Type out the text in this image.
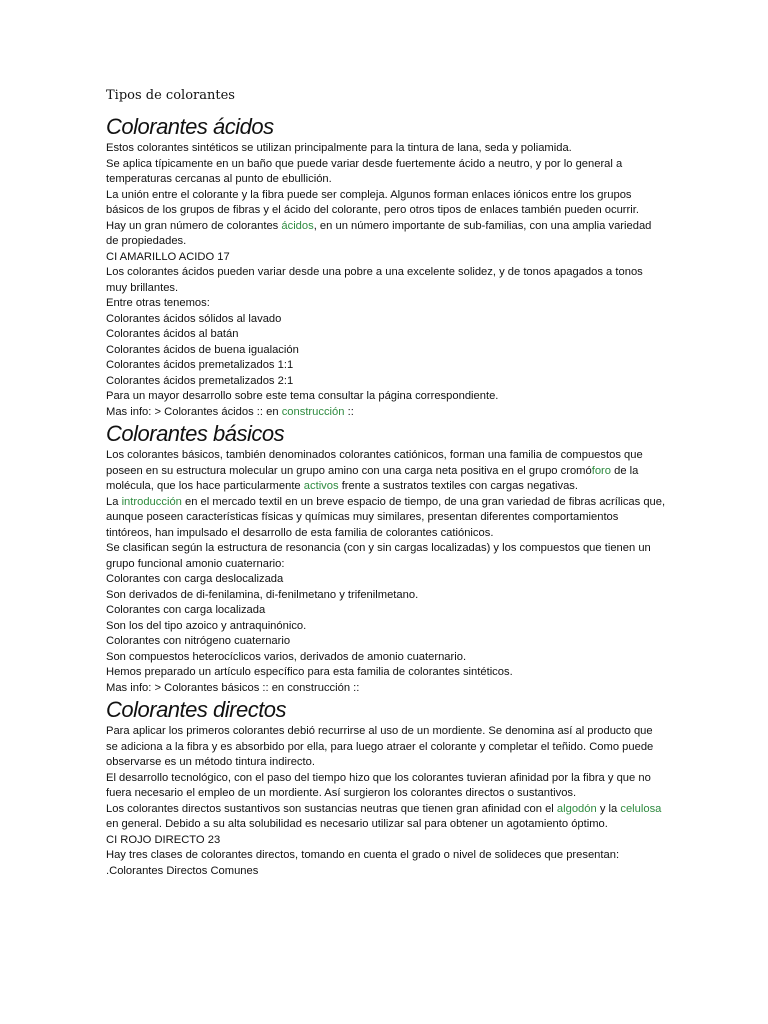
Tipos de colorantes
Colorantes ácidos

Estos colorantes sintéticos se utilizan principalmente para la tintura de lana, seda y poliamida.

Se aplica típicamente en un baño que puede variar desde fuertemente ácido a neutro, y por lo general a temperaturas cercanas al punto de ebullición.

La unión entre el colorante y la fibra puede ser compleja. Algunos forman enlaces iónicos entre los grupos básicos de los grupos de fibras y el ácido del colorante, pero otros tipos de enlaces también pueden ocurrir.

Hay un gran número de colorantes ácidos, en un número importante de sub-familias, con una amplia variedad de propiedades.

CI AMARILLO ACIDO 17

Los colorantes ácidos pueden variar desde una pobre a una excelente solidez, y de tonos apagados a tonos muy brillantes.

Entre otras tenemos:

Colorantes ácidos sólidos al lavado

Colorantes ácidos al batán

Colorantes ácidos de buena igualación

Colorantes ácidos premetalizados 1:1

Colorantes ácidos premetalizados 2:1

Para un mayor desarrollo sobre este tema consultar la página correspondiente.

Mas info: > Colorantes ácidos :: en construcción ::

Colorantes básicos

Los colorantes básicos, también denominados colorantes catiónicos, forman una familia de compuestos que poseen en su estructura molecular un grupo amino con una carga neta positiva en el grupo cromóforo de la molécula, que los hace particularmente activos frente a sustratos textiles con cargas negativas.

La introducción en el mercado textil en un breve espacio de tiempo, de una gran variedad de fibras acrílicas que, aunque poseen características físicas y químicas muy similares, presentan diferentes comportamientos tintóreos, han impulsado el desarrollo de esta familia de colorantes catiónicos.

Se clasifican según la estructura de resonancia (con y sin cargas localizadas) y los compuestos que tienen un grupo funcional amonio cuaternario:

Colorantes con carga deslocalizada

Son derivados de di-fenilamina, di-fenilmetano y trifenilmetano.

Colorantes con carga localizada

Son los del tipo azoico y antraquinónico.

Colorantes con nitrógeno cuaternario

Son compuestos heterocíclicos varios, derivados de amonio cuaternario.

Hemos preparado un artículo específico para esta familia de colorantes sintéticos.

Mas info: > Colorantes básicos :: en construcción ::

Colorantes directos

Para aplicar los primeros colorantes debió recurrirse al uso de un mordiente. Se denomina así al producto que se adiciona a la fibra y es absorbido por ella, para luego atraer el colorante y completar el teñido. Como puede observarse es un método tintura indirecto.

El desarrollo tecnológico, con el paso del tiempo hizo que los colorantes tuvieran afinidad por la fibra y que no fuera necesario el empleo de un mordiente. Así surgieron los colorantes directos o sustantivos.

Los colorantes directos sustantivos son sustancias neutras que tienen gran afinidad con el algodón y la celulosa en general. Debido a su alta solubilidad es necesario utilizar sal para obtener un agotamiento óptimo.

CI ROJO DIRECTO 23

Hay tres clases de colorantes directos, tomando en cuenta el grado o nivel de solideces que presentan:

.Colorantes Directos Comunes
